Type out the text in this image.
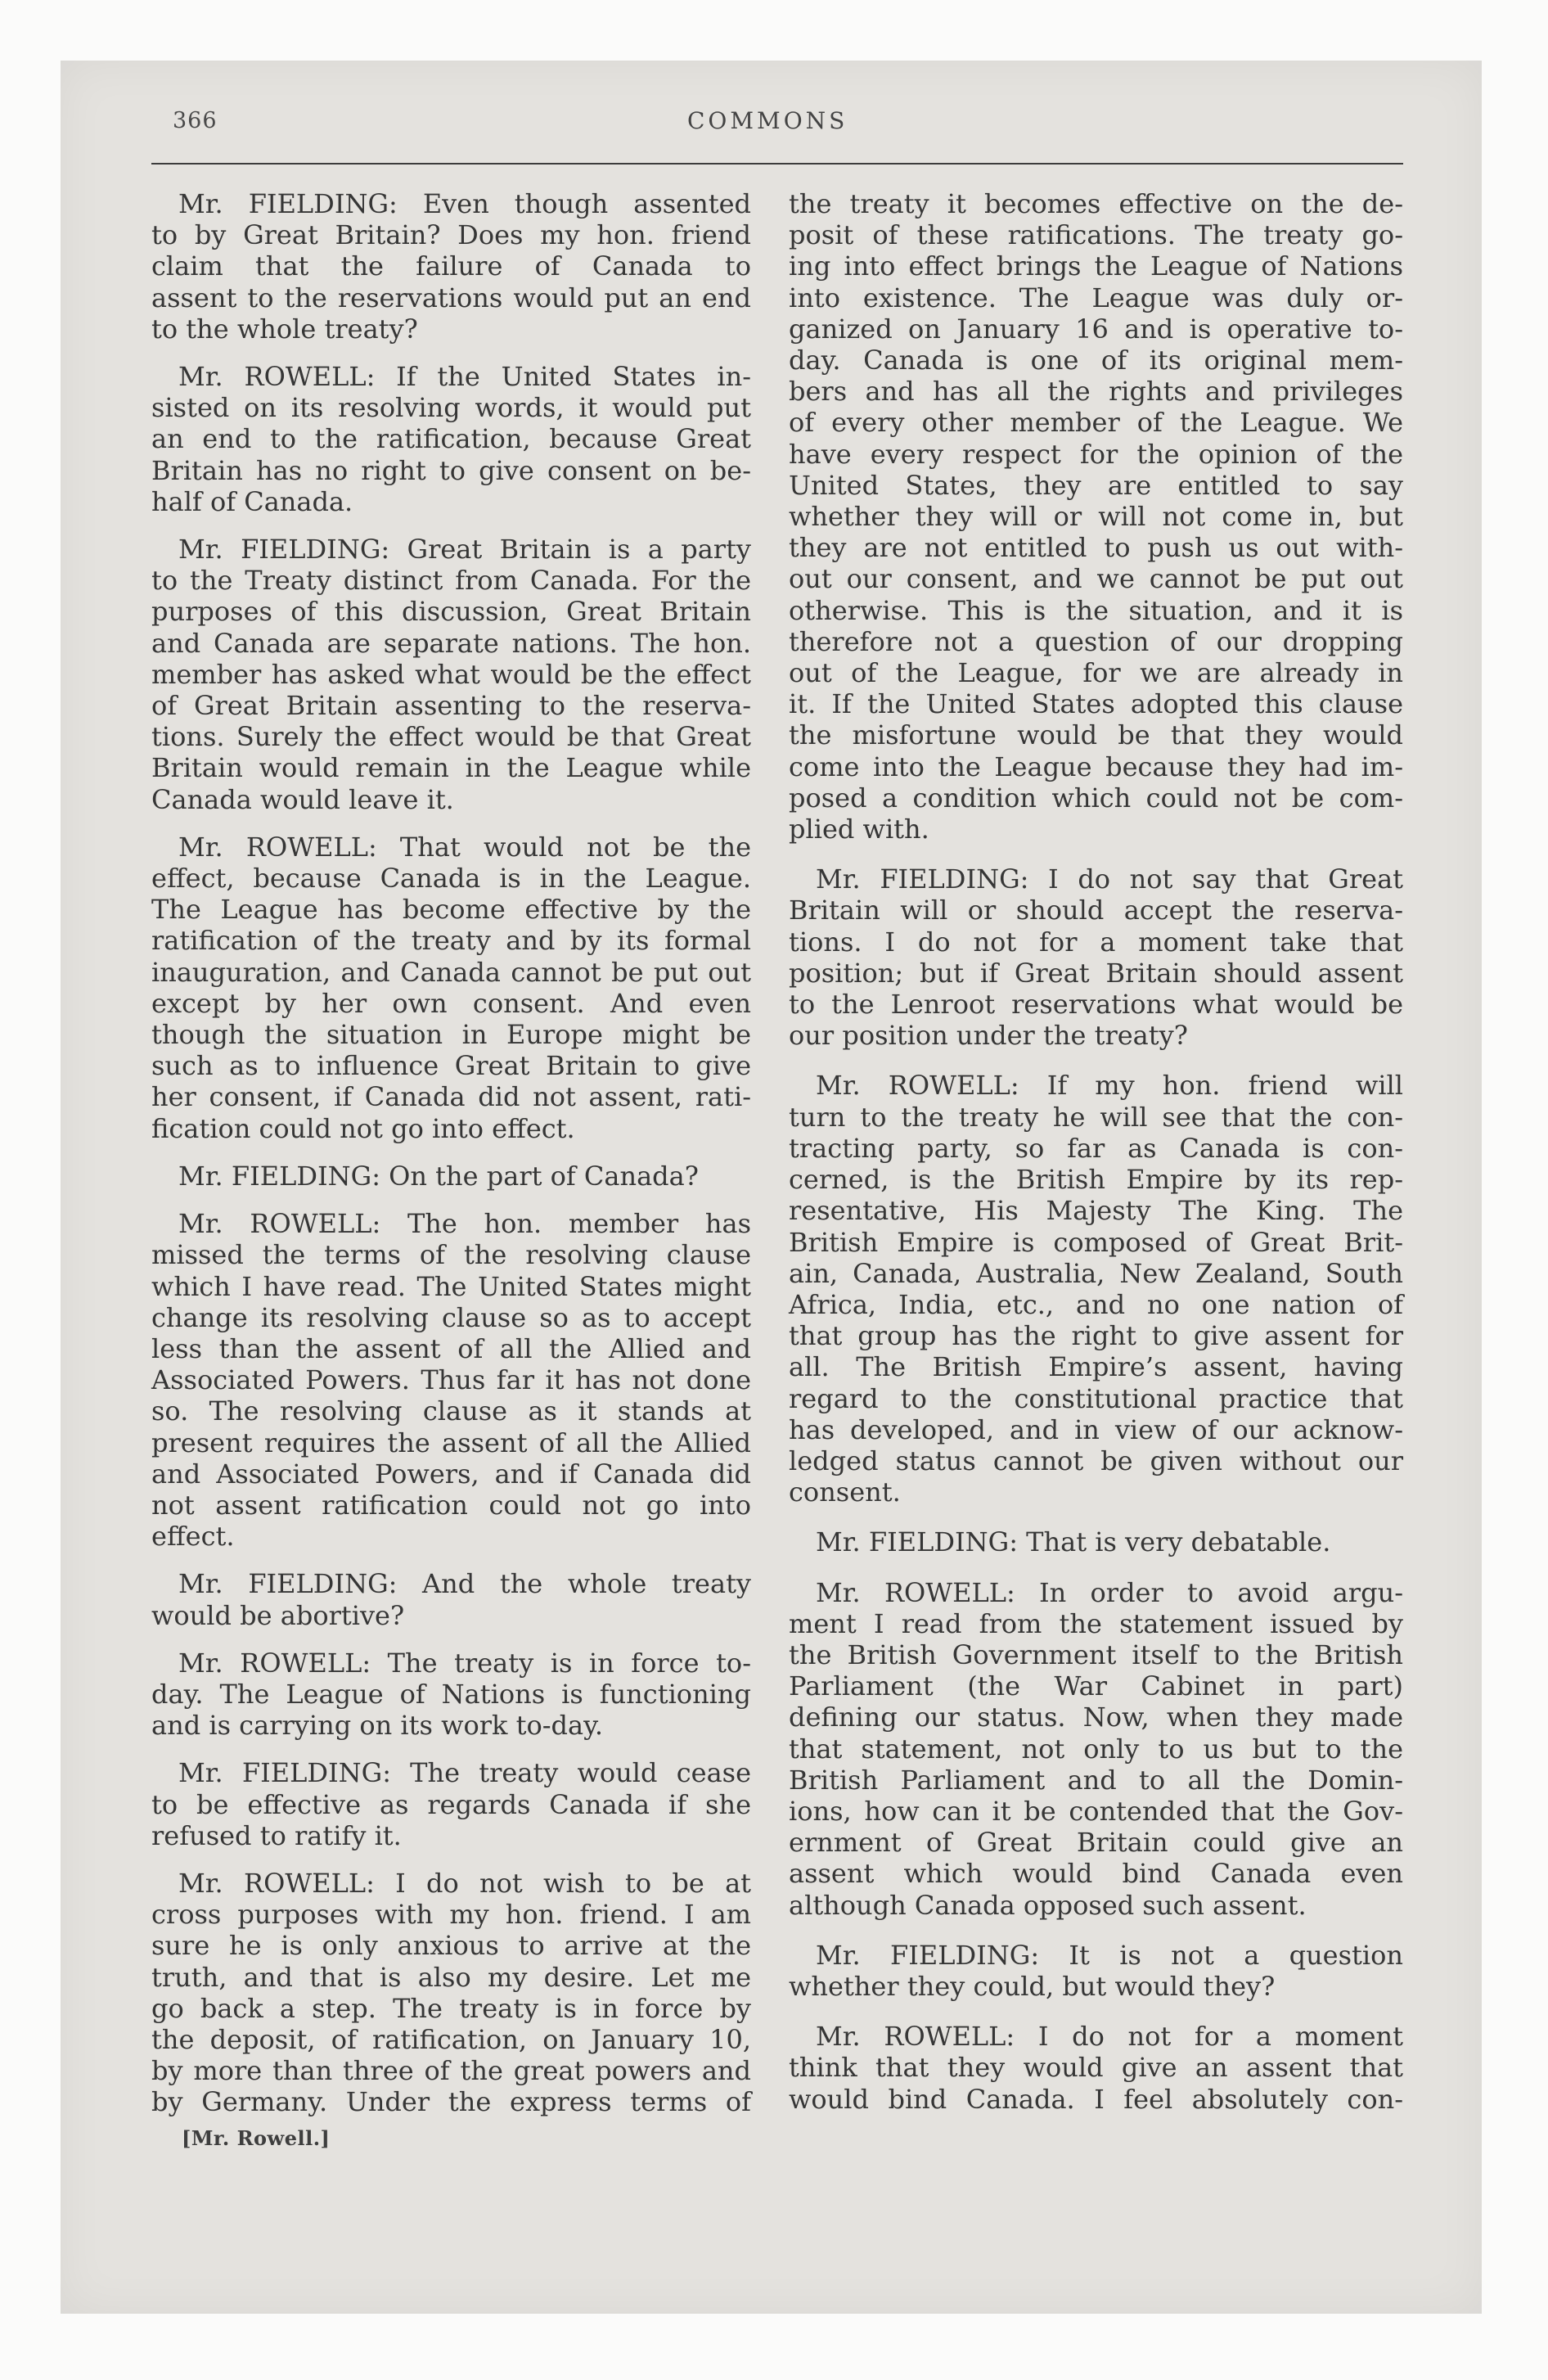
366	COMMONS
Mr. FIELDING: Even though assented
to by Great Britain? Does my hon. friend
claim that the failure of Canada to
assent to the reservations would put an end
to the whole treaty?
Mr. ROWELL: If the United States in-
sisted on its resolving words, it would put
an end to the ratification, because Great
Britain has no right to give consent on be-
half of Canada.
Mr. FIELDING: Great Britain is a party
to the Treaty distinct from Canada. For the
purposes of this discussion, Great Britain
and Canada are separate nations. The hon.
member has asked what would be the effect
of Great Britain assenting to the reserva-
tions. Surely the effect would be that Great
Britain would remain in the League while
Canada would leave it.
Mr. ROWELL: That would not be the
effect, because Canada is in the League.
The League has become effective by the
ratification of the treaty and by its formal
inauguration, and Canada cannot be put out
except by her own consent. And even
though the situation in Europe might be
such as to influence Great Britain to give
her consent, if Canada did not assent, rati-
fication could not go into effect.
Mr. FIELDING: On the part of Canada?
Mr. ROWELL: The hon. member has
missed the terms of the resolving clause
which I have read. The United States might
change its resolving clause so as to accept
less than the assent of all the Allied and
Associated Powers. Thus far it has not done
so. The resolving clause as it stands at
present requires the assent of all the Allied
and Associated Powers, and if Canada did
not assent ratification could not go into
effect.
Mr. FIELDING: And the whole treaty
would be abortive?
Mr. ROWELL: The treaty is in force to-
day. The League of Nations is functioning
and is carrying on its work to-day.
Mr. FIELDING: The treaty would cease
to be effective as regards Canada if she
refused to ratify it.
Mr. ROWELL: I do not wish to be at
cross purposes with my hon. friend. I am
sure he is only anxious to arrive at the
truth, and that is also my desire. Let me
go back a step. The treaty is in force by
the deposit, of ratification, on January 10,
by more than three of the great powers and
by Germany. Under the express terms of
the treaty it becomes effective on the de-
posit of these ratifications. The treaty go-
ing into effect brings the League of Nations
into existence. The League was duly or-
ganized on January 16 and is operative to-
day. Canada is one of its original mem-
bers and has all the rights and privileges
of every other member of the League. We
have every respect for the opinion of the
United States, they are entitled to say
whether they will or will not come in, but
they are not entitled to push us out with-
out our consent, and we cannot be put out
otherwise. This is the situation, and it is
therefore not a question of our dropping
out of the League, for we are already in
it. If the United States adopted this clause
the misfortune would be that they would
come into the League because they had im-
posed a condition which could not be com-
plied with.
Mr. FIELDING: I do not say that Great
Britain will or should accept the reserva-
tions. I do not for a moment take that
position; but if Great Britain should assent
to the Lenroot reservations what would be
our position under the treaty?
Mr. ROWELL: If my hon. friend will
turn to the treaty he will see that the con-
tracting party, so far as Canada is con-
cerned, is the British Empire by its rep-
resentative, His Majesty The King. The
British Empire is composed of Great Brit-
ain, Canada, Australia, New Zealand, South
Africa, India, etc., and no one nation of
that group has the right to give assent for
all. The British Empire’s assent, having
regard to the constitutional practice that
has developed, and in view of our acknow-
ledged status cannot be given without our
consent.
Mr. FIELDING: That is very debatable.
Mr. ROWELL: In order to avoid argu-
ment I read from the statement issued by
the British Government itself to the British
Parliament (the War Cabinet in part)
defining our status. Now, when they made
that statement, not only to us but to the
British Parliament and to all the Domin-
ions, how can it be contended that the Gov-
ernment of Great Britain could give an
assent which would bind Canada even
although Canada opposed such assent.
Mr. FIELDING: It is not a question
whether they could, but would they?
Mr. ROWELL: I do not for a moment
think that they would give an assent that
would bind Canada. I feel absolutely con-
[Mr. Rowell.]
